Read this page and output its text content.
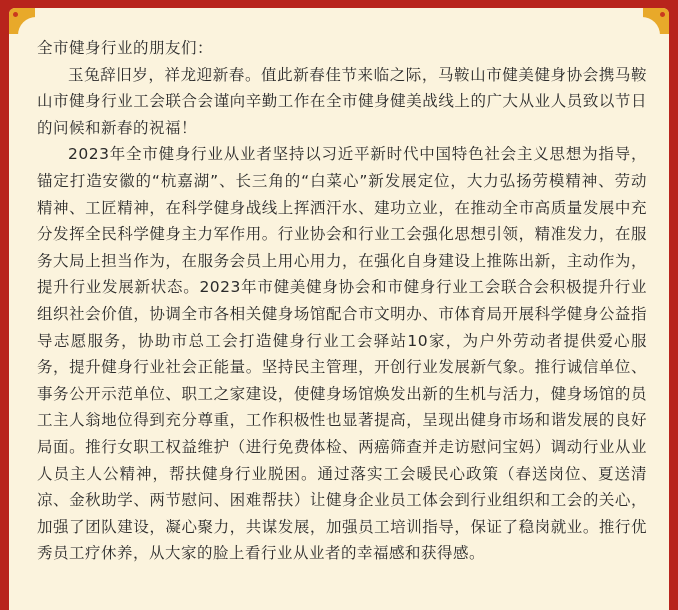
全市健身行业的朋友们：

玉兔辞旧岁，祥龙迎新春。值此新春佳节来临之际，马鞍山市健美健身协会携马鞍山市健身行业工会联合会谨向辛勤工作在全市健身健美战线上的广大从业人员致以节日的问候和新春的祝福！

2023年全市健身行业从业者坚持以习近平新时代中国特色社会主义思想为指导，锚定打造安徽的“杭嘉湖”、长三角的“白菜心”新发展定位，大力弘扬劳模精神、劳动精神、工匠精神，在科学健身战线上挥洒汗水、建功立业，在推动全市高质量发展中充分发挥全民科学健身主力军作用。行业协会和行业工会强化思想引领，精准发力，在服务大局上担当作为，在服务会员上用心用力，在强化自身建设上推陈出新，主动作为，提升行业发展新状态。2023年市健美健身协会和市健身行业工会联合会积极提升行业组织社会价值，协调全市各相关健身场馆配合市文明办、市体育局开展科学健身公益指导志愿服务，协助市总工会打造健身行业工会驿站10家，为户外劳动者提供爱心服务，提升健身行业社会正能量。坚持民主管理，开创行业发展新气象。推行诚信单位、事务公开示范单位、职工之家建设，使健身场馆焕发出新的生机与活力，健身场馆的员工主人翁地位得到充分尊重，工作积极性也显著提高，呈现出健身市场和谐发展的良好局面。推行女职工权益维护（进行免费体检、两癌筛查并走访慰问宝妈）调动行业从业人员主人公精神，帮扶健身行业脱困。通过落实工会暖民心政策（春送岗位、夏送清凉、金秋助学、两节慰问、困难帮扶）让健身企业员工体会到行业组织和工会的关心，加强了团队建设，凝心聚力，共谋发展，加强员工培训指导，保证了稳岗就业。推行优秀员工疗休养，从大家的脸上看行业从业者的幸福感和获得感。
